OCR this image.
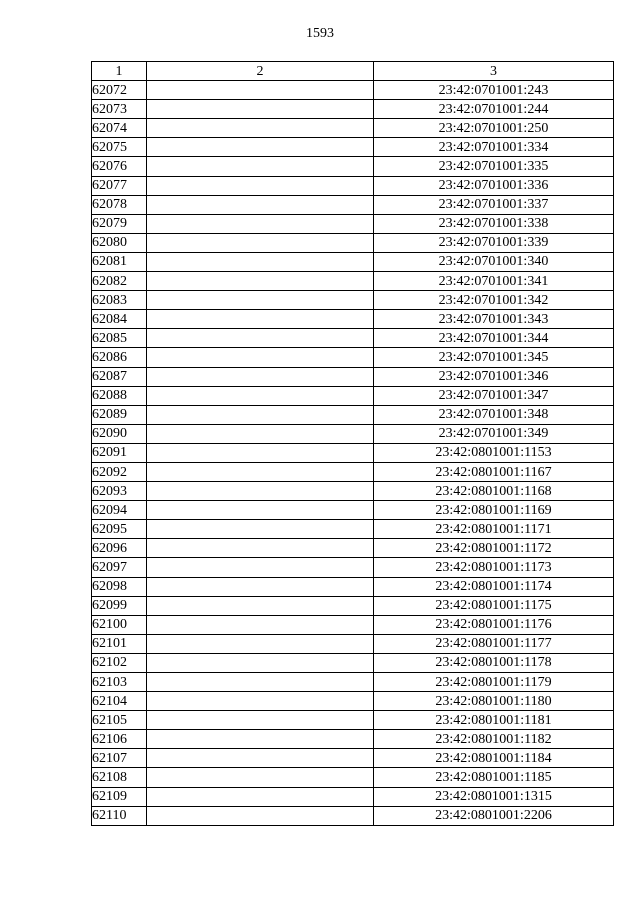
1593
1	2	3
62072		23:42:0701001:243
62073		23:42:0701001:244
62074		23:42:0701001:250
62075		23:42:0701001:334
62076		23:42:0701001:335
62077		23:42:0701001:336
62078		23:42:0701001:337
62079		23:42:0701001:338
62080		23:42:0701001:339
62081		23:42:0701001:340
62082		23:42:0701001:341
62083		23:42:0701001:342
62084		23:42:0701001:343
62085		23:42:0701001:344
62086		23:42:0701001:345
62087		23:42:0701001:346
62088		23:42:0701001:347
62089		23:42:0701001:348
62090		23:42:0701001:349
62091		23:42:0801001:1153
62092		23:42:0801001:1167
62093		23:42:0801001:1168
62094		23:42:0801001:1169
62095		23:42:0801001:1171
62096		23:42:0801001:1172
62097		23:42:0801001:1173
62098		23:42:0801001:1174
62099		23:42:0801001:1175
62100		23:42:0801001:1176
62101		23:42:0801001:1177
62102		23:42:0801001:1178
62103		23:42:0801001:1179
62104		23:42:0801001:1180
62105		23:42:0801001:1181
62106		23:42:0801001:1182
62107		23:42:0801001:1184
62108		23:42:0801001:1185
62109		23:42:0801001:1315
62110		23:42:0801001:2206
